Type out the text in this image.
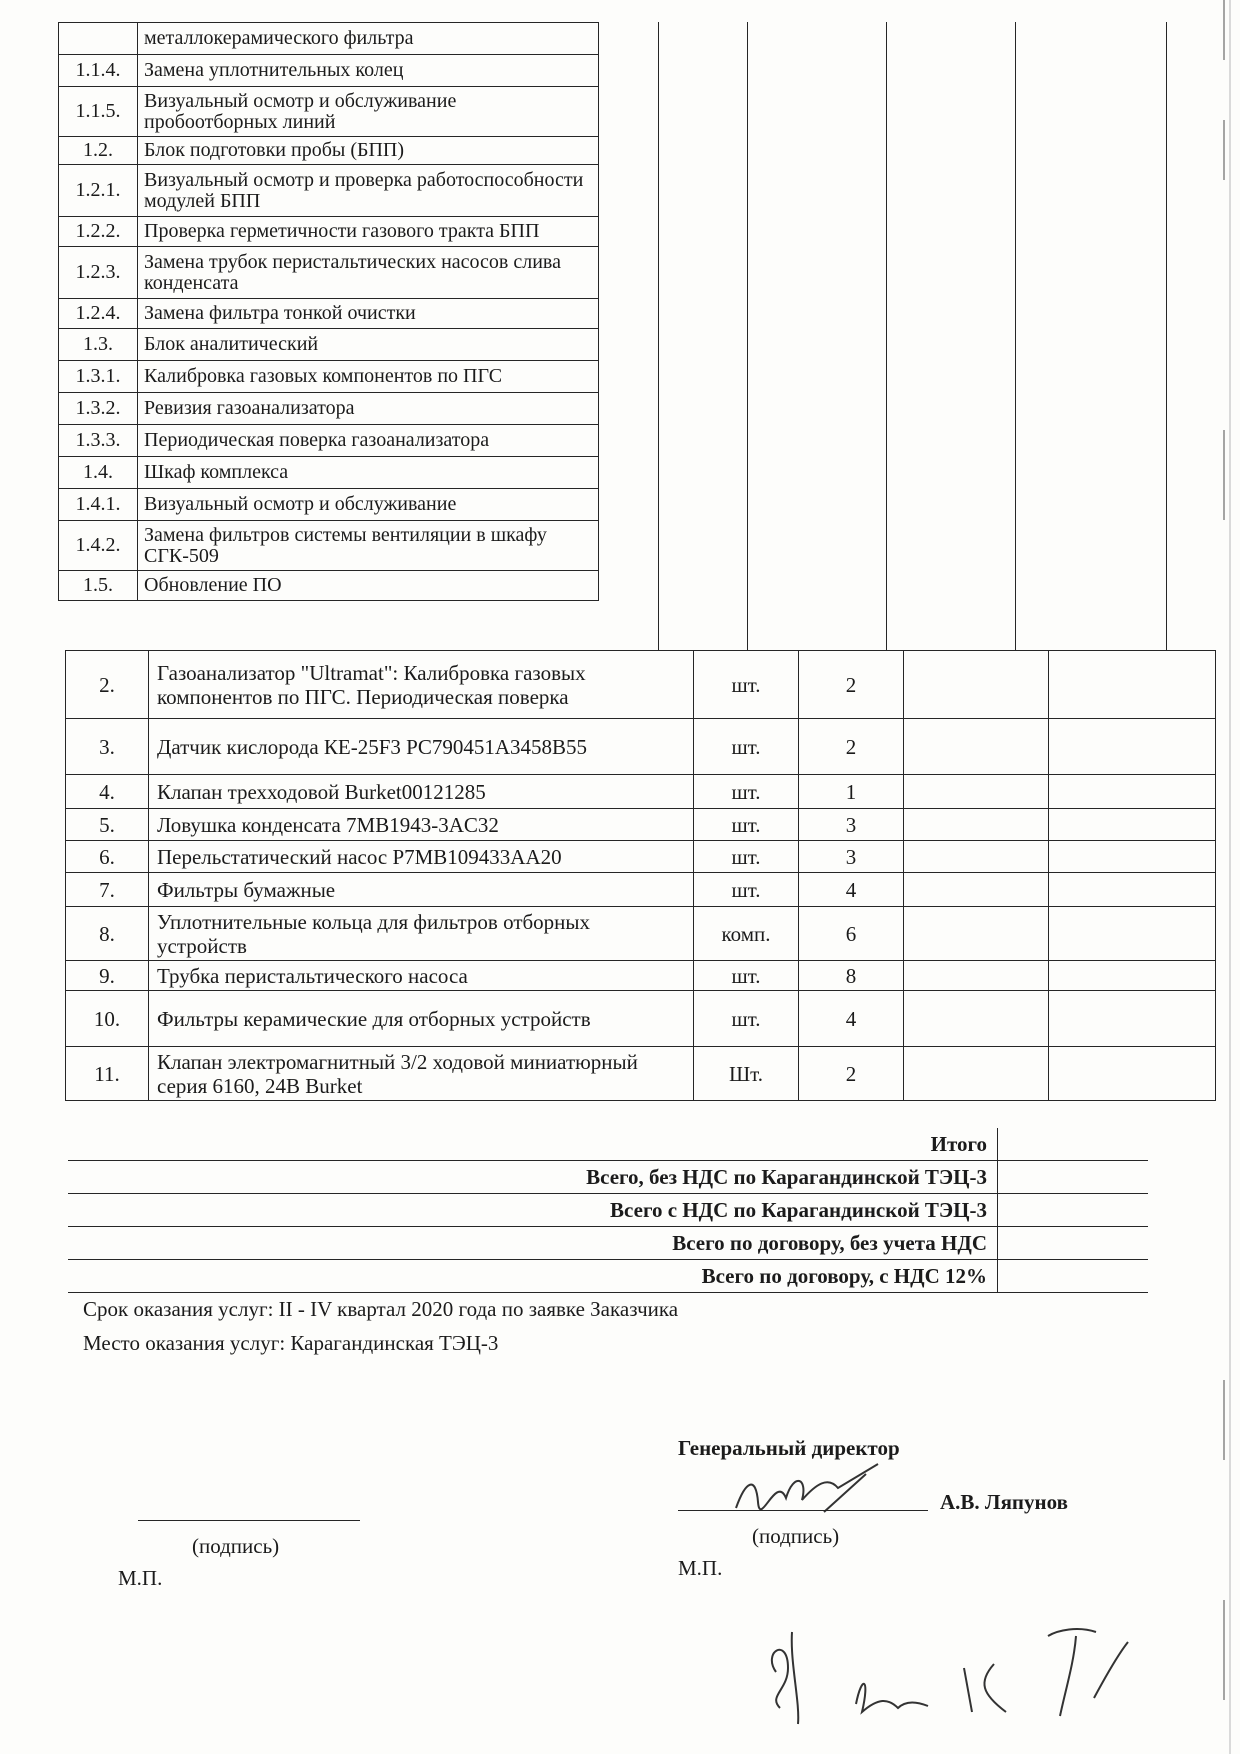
	металлокерамического фильтра
1.1.4.	Замена уплотнительных колец
1.1.5.	Визуальный осмотр и обслуживание пробоотборных линий
1.2.	Блок подготовки пробы (БПП)
1.2.1.	Визуальный осмотр и проверка работоспособности модулей БПП
1.2.2.	Проверка герметичности газового тракта БПП
1.2.3.	Замена трубок перистальтических насосов слива конденсата
1.2.4.	Замена фильтра тонкой очистки
1.3.	Блок аналитический
1.3.1.	Калибровка газовых компонентов по ПГС
1.3.2.	Ревизия газоанализатора
1.3.3.	Периодическая поверка газоанализатора
1.4.	Шкаф комплекса
1.4.1.	Визуальный осмотр и обслуживание
1.4.2.	Замена фильтров системы вентиляции в шкафу СГК-509
1.5.	Обновление ПО
2.	Газоанализатор "Ultramat": Калибровка газовых компонентов по ПГС. Периодическая поверка	шт.	2		
3.	Датчик кислорода КЕ-25F3 PC790451A3458B55	шт.	2		
4.	Клапан трехходовой Burket00121285	шт.	1		
5.	Ловушка конденсата 7MB1943-3AC32	шт.	3		
6.	Перельстатический насос P7MB109433AA20	шт.	3		
7.	Фильтры бумажные	шт.	4		
8.	Уплотнительные кольца для фильтров отборных устройств	комп.	6		
9.	Трубка перистальтического насоса	шт.	8		
10.	Фильтры керамические для отборных устройств	шт.	4		
11.	Клапан электромагнитный 3/2 ходовой миниатюрный серия 6160, 24В Burket	Шт.	2		
Итого
Всего, без НДС по Карагандинской ТЭЦ-3
Всего с НДС по Карагандинской ТЭЦ-3
Всего по договору, без учета НДС
Всего по договору, с НДС 12%
Срок оказания услуг: II - IV квартал 2020 года по заявке Заказчика
Место оказания услуг: Карагандинская ТЭЦ-3
(подпись)
М.П.
Генеральный директор
А.В. Ляпунов
(подпись)
М.П.
